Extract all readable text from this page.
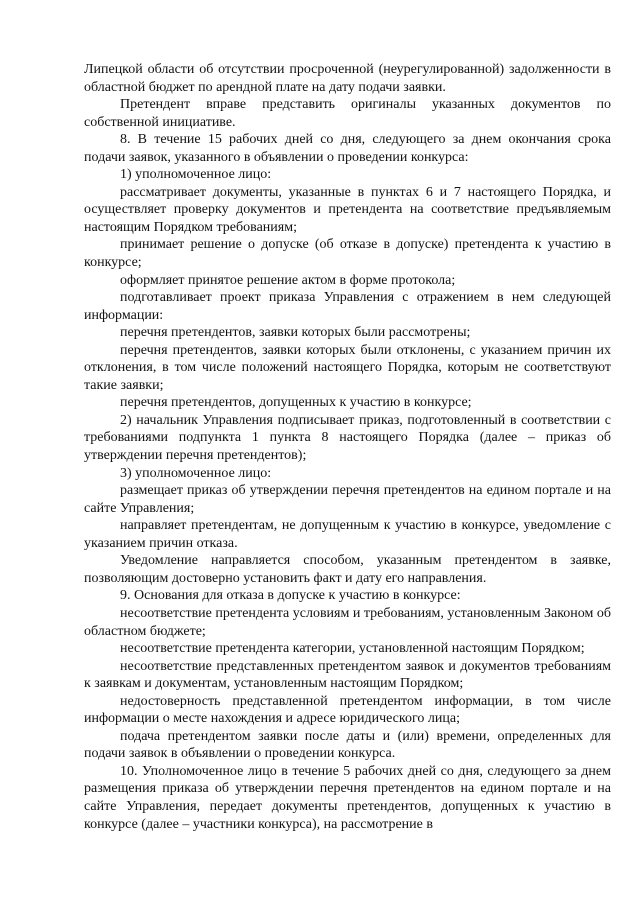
Липецкой области об отсутствии просроченной (неурегулированной) задолженности в областной бюджет по арендной плате на дату подачи заявки.

Претендент вправе представить оригиналы указанных документов по собственной инициативе.

8. В течение 15 рабочих дней со дня, следующего за днем окончания срока подачи заявок, указанного в объявлении о проведении конкурса:

1) уполномоченное лицо:

рассматривает документы, указанные в пунктах 6 и 7 настоящего Порядка, и осуществляет проверку документов и претендента на соответствие предъявляемым настоящим Порядком требованиям;

принимает решение о допуске (об отказе в допуске) претендента к участию в конкурсе;

оформляет принятое решение актом в форме протокола;

подготавливает проект приказа Управления с отражением в нем следующей информации:

перечня претендентов, заявки которых были рассмотрены;

перечня претендентов, заявки которых были отклонены, с указанием причин их отклонения, в том числе положений настоящего Порядка, которым не соответствуют такие заявки;

перечня претендентов, допущенных к участию в конкурсе;

2) начальник Управления подписывает приказ, подготовленный в соответствии с требованиями подпункта 1 пункта 8 настоящего Порядка (далее – приказ об утверждении перечня претендентов);

3) уполномоченное лицо:

размещает приказ об утверждении перечня претендентов на едином портале и на сайте Управления;

направляет претендентам, не допущенным к участию в конкурсе, уведомление с указанием причин отказа.

Уведомление направляется способом, указанным претендентом в заявке, позволяющим достоверно установить факт и дату его направления.

9. Основания для отказа в допуске к участию в конкурсе:

несоответствие претендента условиям и требованиям, установленным Законом об областном бюджете;

несоответствие претендента категории, установленной настоящим Порядком;

несоответствие представленных претендентом заявок и документов требованиям к заявкам и документам, установленным настоящим Порядком;

недостоверность представленной претендентом информации, в том числе информации о месте нахождения и адресе юридического лица;

подача претендентом заявки после даты и (или) времени, определенных для подачи заявок в объявлении о проведении конкурса.

10. Уполномоченное лицо в течение 5 рабочих дней со дня, следующего за днем размещения приказа об утверждении перечня претендентов на едином портале и на сайте Управления, передает документы претендентов, допущенных к участию в конкурсе (далее – участники конкурса), на рассмотрение в
